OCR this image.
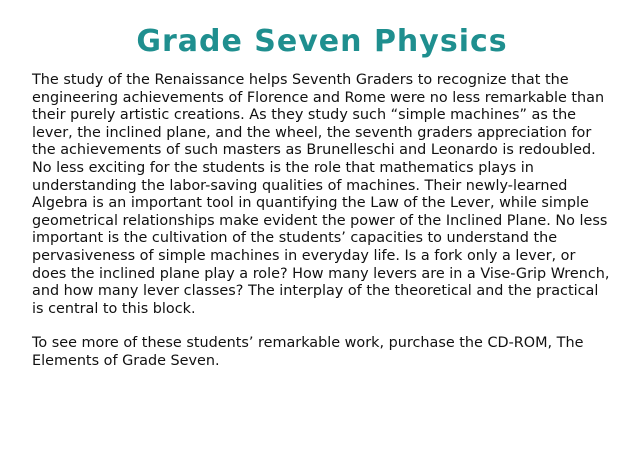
Grade Seven Physics

The study of the Renaissance helps Seventh Graders to recognize that the engineering achievements of Florence and Rome were no less remarkable than their purely artistic creations. As they study such “simple machines” as the lever, the inclined plane, and the wheel, the seventh graders appreciation for the achievements of such masters as Brunelleschi and Leonardo is redoubled. No less exciting for the students is the role that mathematics plays in understanding the labor-saving qualities of machines. Their newly-learned Algebra is an important tool in quantifying the Law of the Lever, while simple geometrical relationships make evident the power of the Inclined Plane. No less important is the cultivation of the students’ capacities to understand the pervasiveness of simple machines in everyday life. Is a fork only a lever, or does the inclined plane play a role? How many levers are in a Vise-Grip Wrench, and how many lever classes? The interplay of the theoretical and the practical is central to this block.

To see more of these students’ remarkable work, purchase the CD-ROM, The Elements of Grade Seven.
